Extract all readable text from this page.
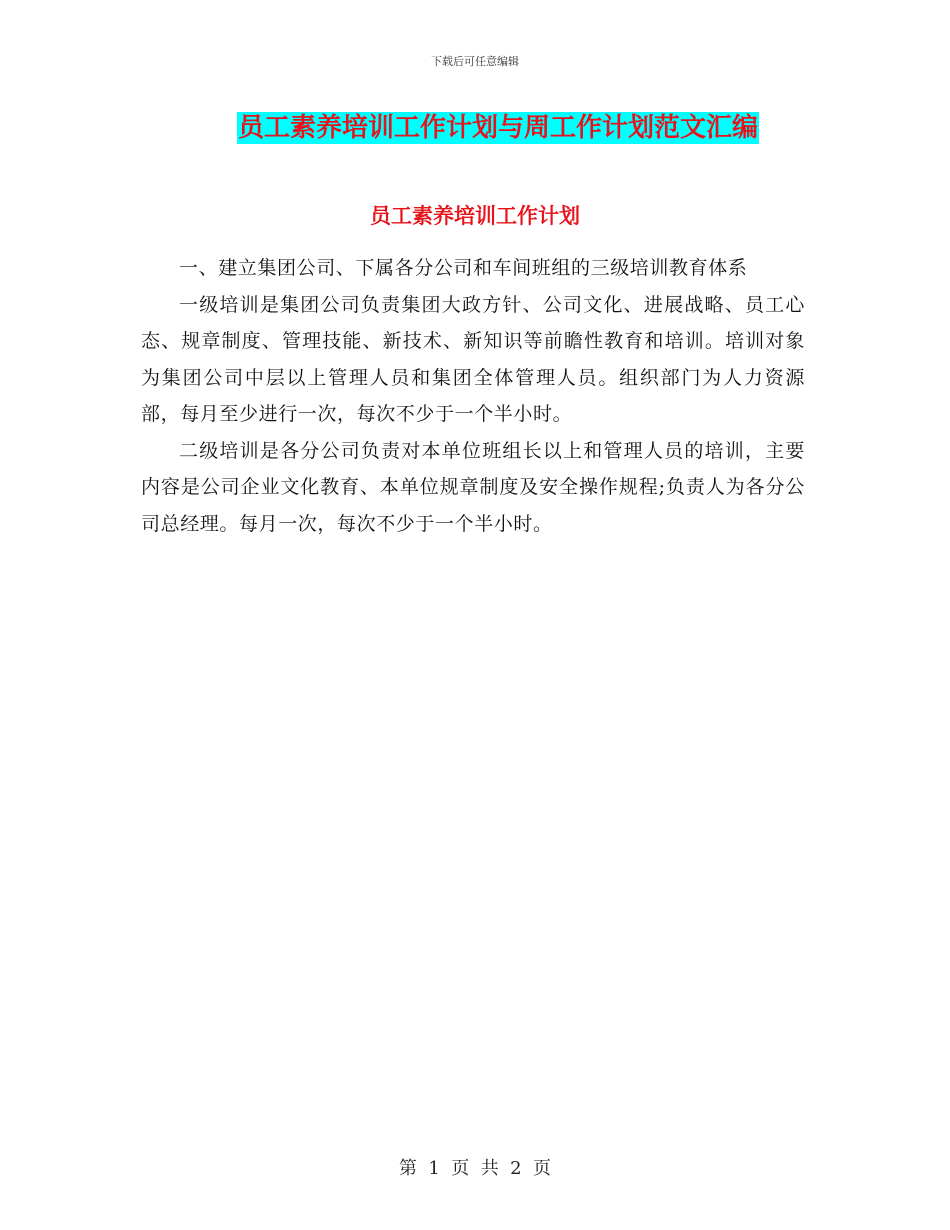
下载后可任意编辑
员工素养培训工作计划与周工作计划范文汇编
员工素养培训工作计划

一、建立集团公司、下属各分公司和车间班组的三级培训教育体系

一级培训是集团公司负责集团大政方针、公司文化、进展战略、员工心态、规章制度、管理技能、新技术、新知识等前瞻性教育和培训。培训对象为集团公司中层以上管理人员和集团全体管理人员。组织部门为人力资源部，每月至少进行一次，每次不少于一个半小时。

二级培训是各分公司负责对本单位班组长以上和管理人员的培训，主要内容是公司企业文化教育、本单位规章制度及安全操作规程;负责人为各分公司总经理。每月一次，每次不少于一个半小时。

第  1  页  共  2  页
